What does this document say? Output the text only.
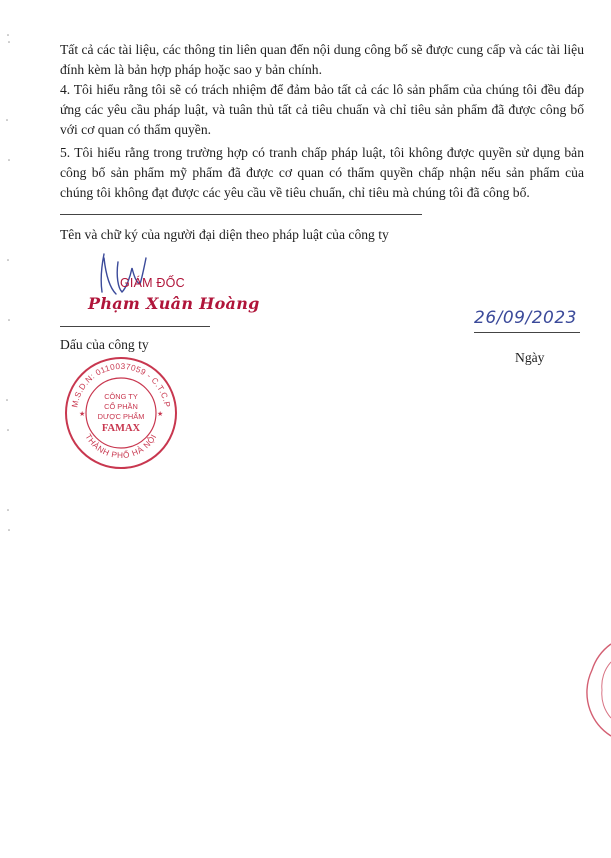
Tất cả các tài liệu, các thông tin liên quan đến nội dung công bố sẽ được cung cấp và các tài liệu đính kèm là bản hợp pháp hoặc sao y bản chính.

4. Tôi hiểu rằng tôi sẽ có trách nhiệm để đảm bảo tất cả các lô sản phẩm của chúng tôi đều đáp ứng các yêu cầu pháp luật, và tuân thủ tất cả tiêu chuẩn và chỉ tiêu sản phẩm đã được công bố với cơ quan có thẩm quyền.

5. Tôi hiểu rằng trong trường hợp có tranh chấp pháp luật, tôi không được quyền sử dụng bản công bố sản phẩm mỹ phẩm đã được cơ quan có thẩm quyền chấp nhận nếu sản phẩm của chúng tôi không đạt được các yêu cầu về tiêu chuẩn, chỉ tiêu mà chúng tôi đã công bố.

Tên và chữ ký của người đại diện theo pháp luật của công ty
GIÁM ĐỐC
Phạm Xuân Hoàng
26/09/2023
Dấu của công ty
Ngày
M.S.D.N: 0110037059 - C.T.C.P
THÀNH PHỐ HÀ NỘI
★	★
CÔNG TY
CỔ PHẦN
DƯỢC PHẨM
FAMAX
